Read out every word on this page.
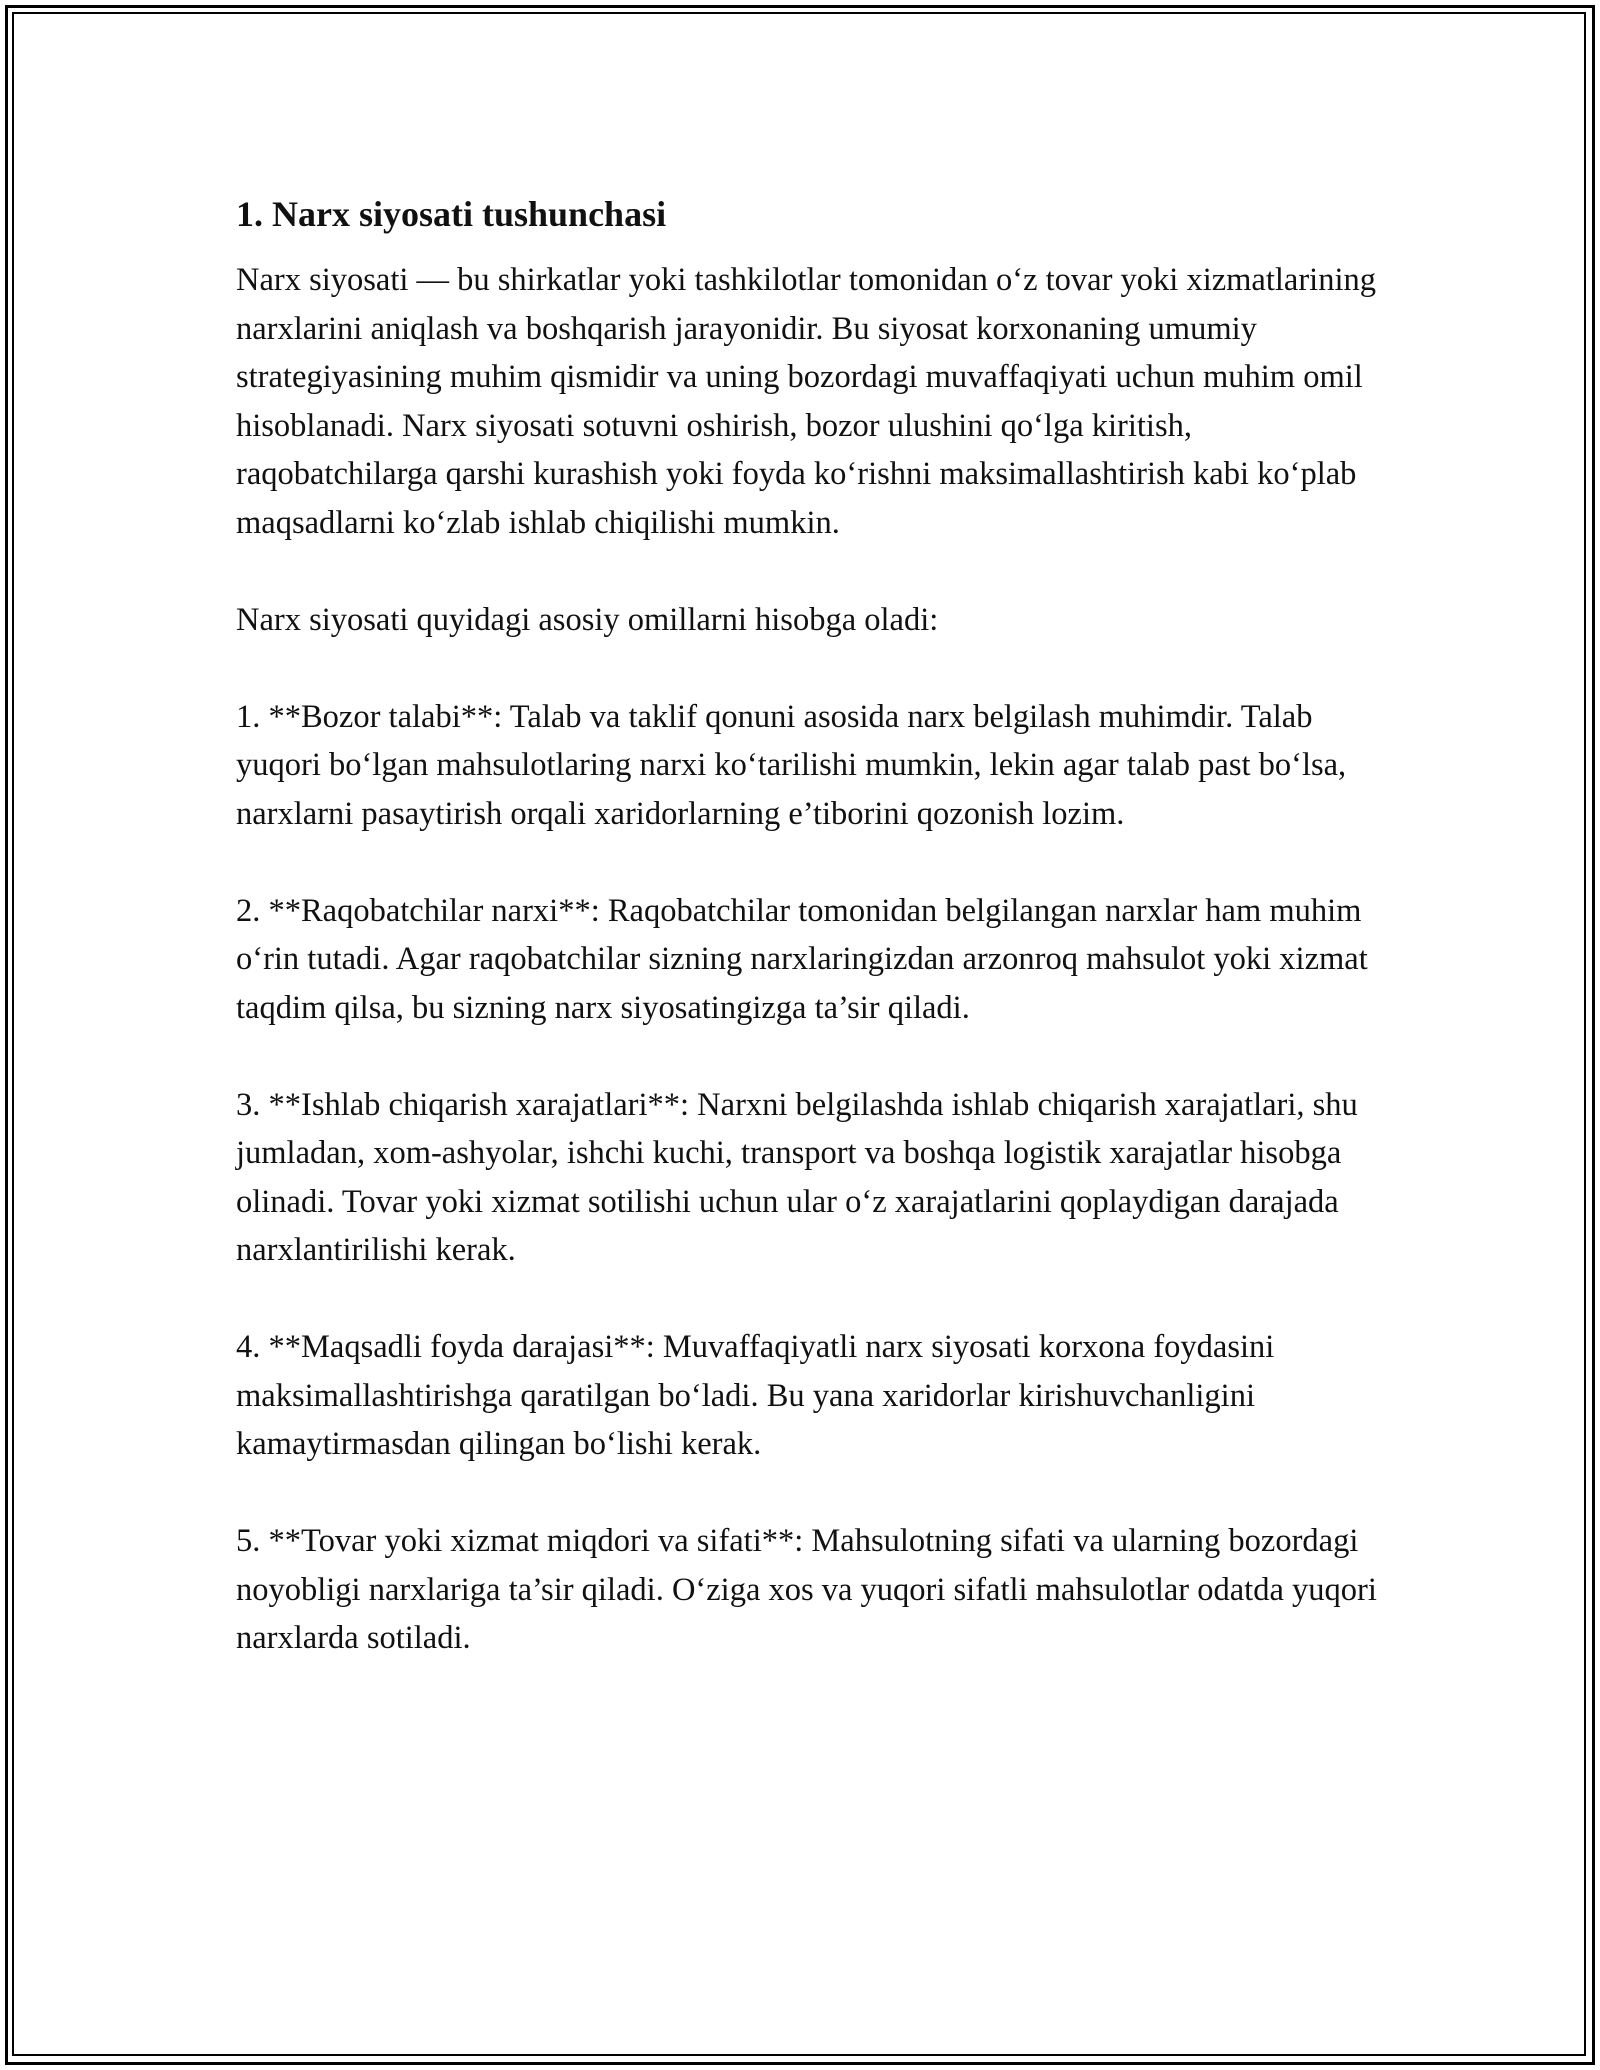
1. Narx siyosati tushunchasi

Narx siyosati — bu shirkatlar yoki tashkilotlar tomonidan o‘z tovar yoki xizmatlarining narxlarini aniqlash va boshqarish jarayonidir. Bu siyosat korxonaning umumiy strategiyasining muhim qismidir va uning bozordagi muvaffaqiyati uchun muhim omil hisoblanadi. Narx siyosati sotuvni oshirish, bozor ulushini qo‘lga kiritish, raqobatchilarga qarshi kurashish yoki foyda ko‘rishni maksimallashtirish kabi ko‘plab maqsadlarni ko‘zlab ishlab chiqilishi mumkin.

Narx siyosati quyidagi asosiy omillarni hisobga oladi:

1. **Bozor talabi**: Talab va taklif qonuni asosida narx belgilash muhimdir. Talab yuqori bo‘lgan mahsulotlaring narxi ko‘tarilishi mumkin, lekin agar talab past bo‘lsa, narxlarni pasaytirish orqali xaridorlarning e’tiborini qozonish lozim.

2. **Raqobatchilar narxi**: Raqobatchilar tomonidan belgilangan narxlar ham muhim o‘rin tutadi. Agar raqobatchilar sizning narxlaringizdan arzonroq mahsulot yoki xizmat taqdim qilsa, bu sizning narx siyosatingizga ta’sir qiladi.

3. **Ishlab chiqarish xarajatlari**: Narxni belgilashda ishlab chiqarish xarajatlari, shu jumladan, xom-ashyolar, ishchi kuchi, transport va boshqa logistik xarajatlar hisobga olinadi. Tovar yoki xizmat sotilishi uchun ular o‘z xarajatlarini qoplaydigan darajada narxlantirilishi kerak.

4. **Maqsadli foyda darajasi**: Muvaffaqiyatli narx siyosati korxona foydasini maksimallashtirishga qaratilgan bo‘ladi. Bu yana xaridorlar kirishuvchanligini kamaytirmasdan qilingan bo‘lishi kerak.

5. **Tovar yoki xizmat miqdori va sifati**: Mahsulotning sifati va ularning bozordagi noyobligi narxlariga ta’sir qiladi. O‘ziga xos va yuqori sifatli mahsulotlar odatda yuqori narxlarda sotiladi.
